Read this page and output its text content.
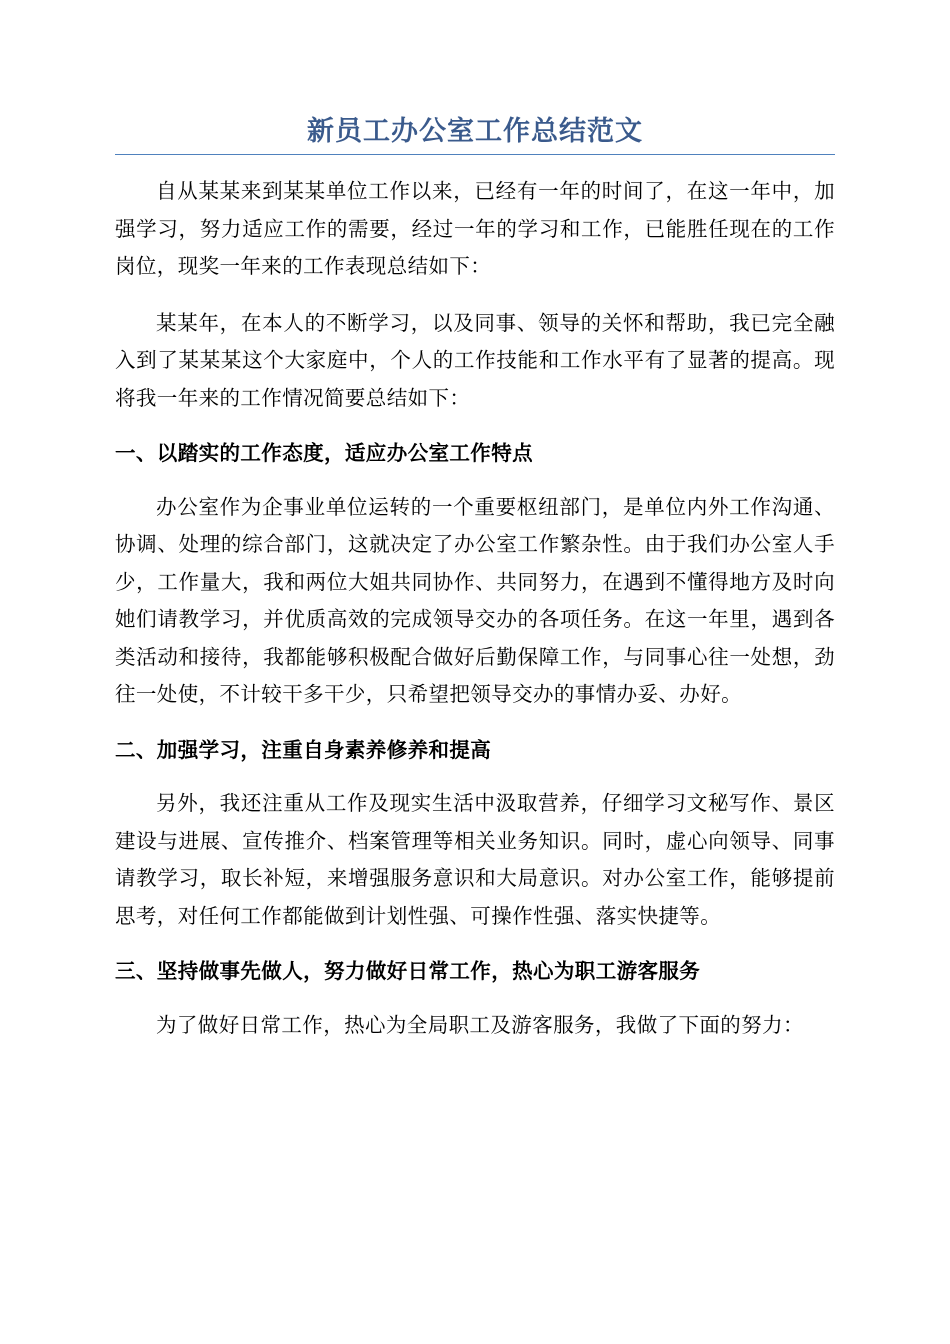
新员工办公室工作总结范文

自从某某来到某某单位工作以来，已经有一年的时间了，在这一年中，加强学习，努力适应工作的需要，经过一年的学习和工作，已能胜任现在的工作岗位，现奖一年来的工作表现总结如下：

某某年，在本人的不断学习，以及同事、领导的关怀和帮助，我已完全融入到了某某某这个大家庭中，个人的工作技能和工作水平有了显著的提高。现将我一年来的工作情况简要总结如下：

一、以踏实的工作态度，适应办公室工作特点

办公室作为企事业单位运转的一个重要枢纽部门，是单位内外工作沟通、协调、处理的综合部门，这就决定了办公室工作繁杂性。由于我们办公室人手少，工作量大，我和两位大姐共同协作、共同努力，在遇到不懂得地方及时向她们请教学习，并优质高效的完成领导交办的各项任务。在这一年里，遇到各类活动和接待，我都能够积极配合做好后勤保障工作，与同事心往一处想，劲往一处使，不计较干多干少，只希望把领导交办的事情办妥、办好。

二、加强学习，注重自身素养修养和提高

另外，我还注重从工作及现实生活中汲取营养，仔细学习文秘写作、景区建设与进展、宣传推介、档案管理等相关业务知识。同时，虚心向领导、同事请教学习，取长补短，来增强服务意识和大局意识。对办公室工作，能够提前思考，对任何工作都能做到计划性强、可操作性强、落实快捷等。

三、坚持做事先做人，努力做好日常工作，热心为职工游客服务

为了做好日常工作，热心为全局职工及游客服务，我做了下面的努力：
